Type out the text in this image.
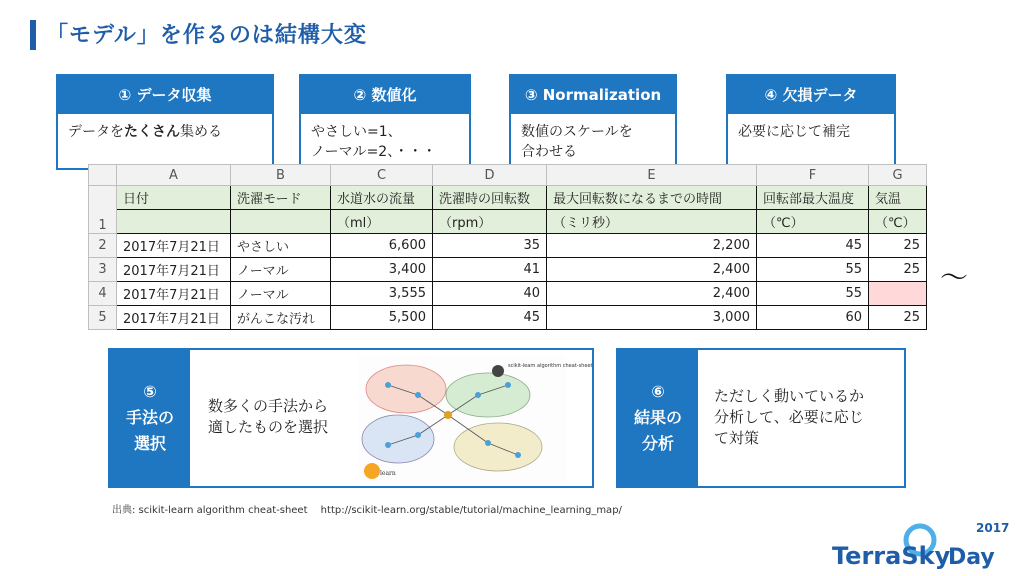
「モデル」を作るのは結構大変
① データ収集
データをたくさん集める
② 数値化
やさしい=1、
ノーマル=2、・・・
③ Normalization
数値のスケールを
合わせる
④ 欠損データ
必要に応じて補完
	A	B	C	D	E	F	G
1	日付	洗濯モード	水道水の流量	洗濯時の回転数	最大回転数になるまでの時間	回転部最大温度	気温
			（ml）	（rpm）	（ミリ秒）	（℃）	（℃）
2	2017年7月21日	やさしい	6,600	35	2,200	45	25
3	2017年7月21日	ノーマル	3,400	41	2,400	55	25
4	2017年7月21日	ノーマル	3,555	40	2,400	55	
5	2017年7月21日	がんこな汚れ	5,500	45	3,000	60	25
～
⑤
手法の
選択
数多くの手法から
適したものを選択
⑥
結果の
分析
ただしく動いているか
分析して、必要に応じ
て対策
scikit-learn algorithm cheat-sheet
learn
出典: scikit-learn algorithm cheat-sheet　 http://scikit-learn.org/stable/tutorial/machine_learning_map/
2017
TerraSky
Day
